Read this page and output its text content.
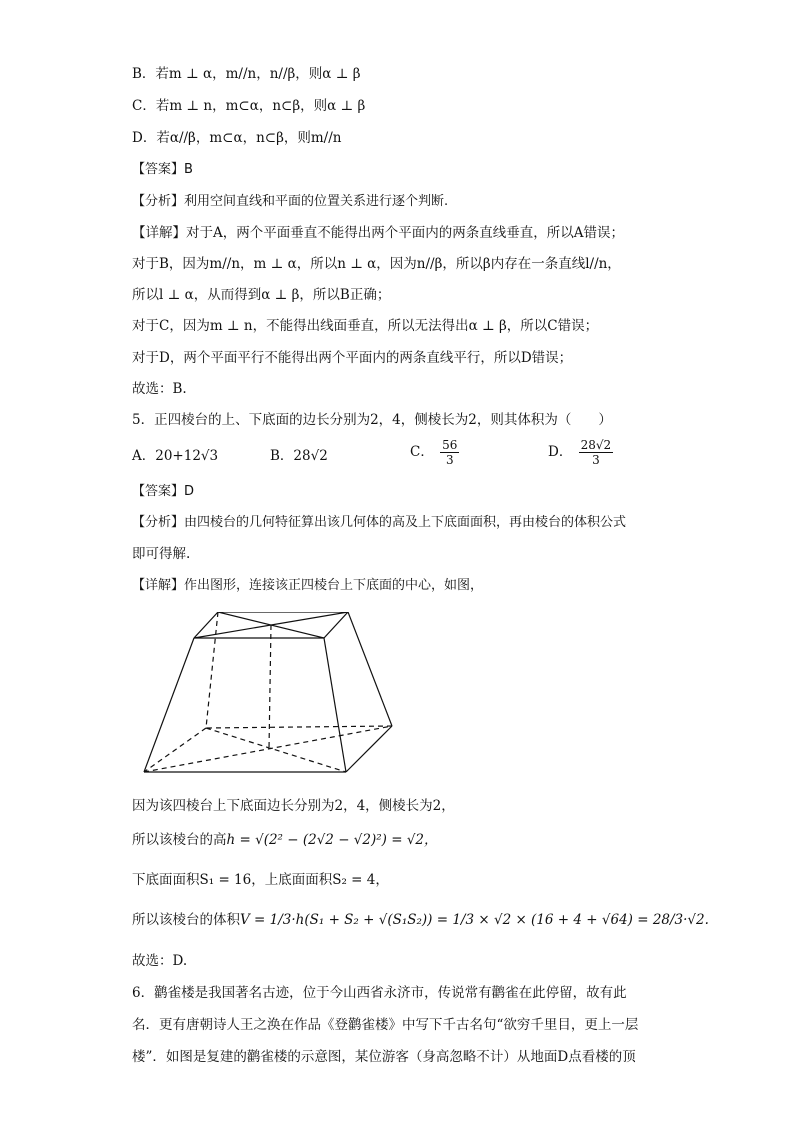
B．若m ⊥ α，m//n，n//β，则α ⊥ β
C．若m ⊥ n，m⊂α，n⊂β，则α ⊥ β
D．若α//β，m⊂α，n⊂β，则m//n
【答案】B
【分析】利用空间直线和平面的位置关系进行逐个判断.
【详解】对于A，两个平面垂直不能得出两个平面内的两条直线垂直，所以A错误；
对于B，因为m//n，m ⊥ α，所以n ⊥ α，因为n//β，所以β内存在一条直线l//n，
所以l ⊥ α，从而得到α ⊥ β，所以B正确；
对于C，因为m ⊥ n，不能得出线面垂直，所以无法得出α ⊥ β，所以C错误；
对于D，两个平面平行不能得出两个平面内的两条直线平行，所以D错误；
故选：B.
5．正四棱台的上、下底面的边长分别为2，4，侧棱长为2，则其体积为（　　）
A．20+12√3	B．28√2	C． $\frac{56}{3}$	D． $\frac{28√2}{3}$
【答案】D
【分析】由四棱台的几何特征算出该几何体的高及上下底面面积，再由棱台的体积公式
即可得解.
【详解】作出图形，连接该正四棱台上下底面的中心，如图，
因为该四棱台上下底面边长分别为2，4，侧棱长为2，
所以该棱台的高h = √(2² − (2√2 − √2)²) = √2，
下底面面积S₁ = 16，上底面面积S₂ = 4，
所以该棱台的体积V = 1/3·h(S₁ + S₂ + √(S₁S₂)) = 1/3 × √2 × (16 + 4 + √64) = 28/3·√2.
故选：D.
6．鹳雀楼是我国著名古迹，位于今山西省永济市，传说常有鹳雀在此停留，故有此
名．更有唐朝诗人王之涣在作品《登鹳雀楼》中写下千古名句“欲穷千里目，更上一层
楼”．如图是复建的鹳雀楼的示意图，某位游客（身高忽略不计）从地面D点看楼的顶
